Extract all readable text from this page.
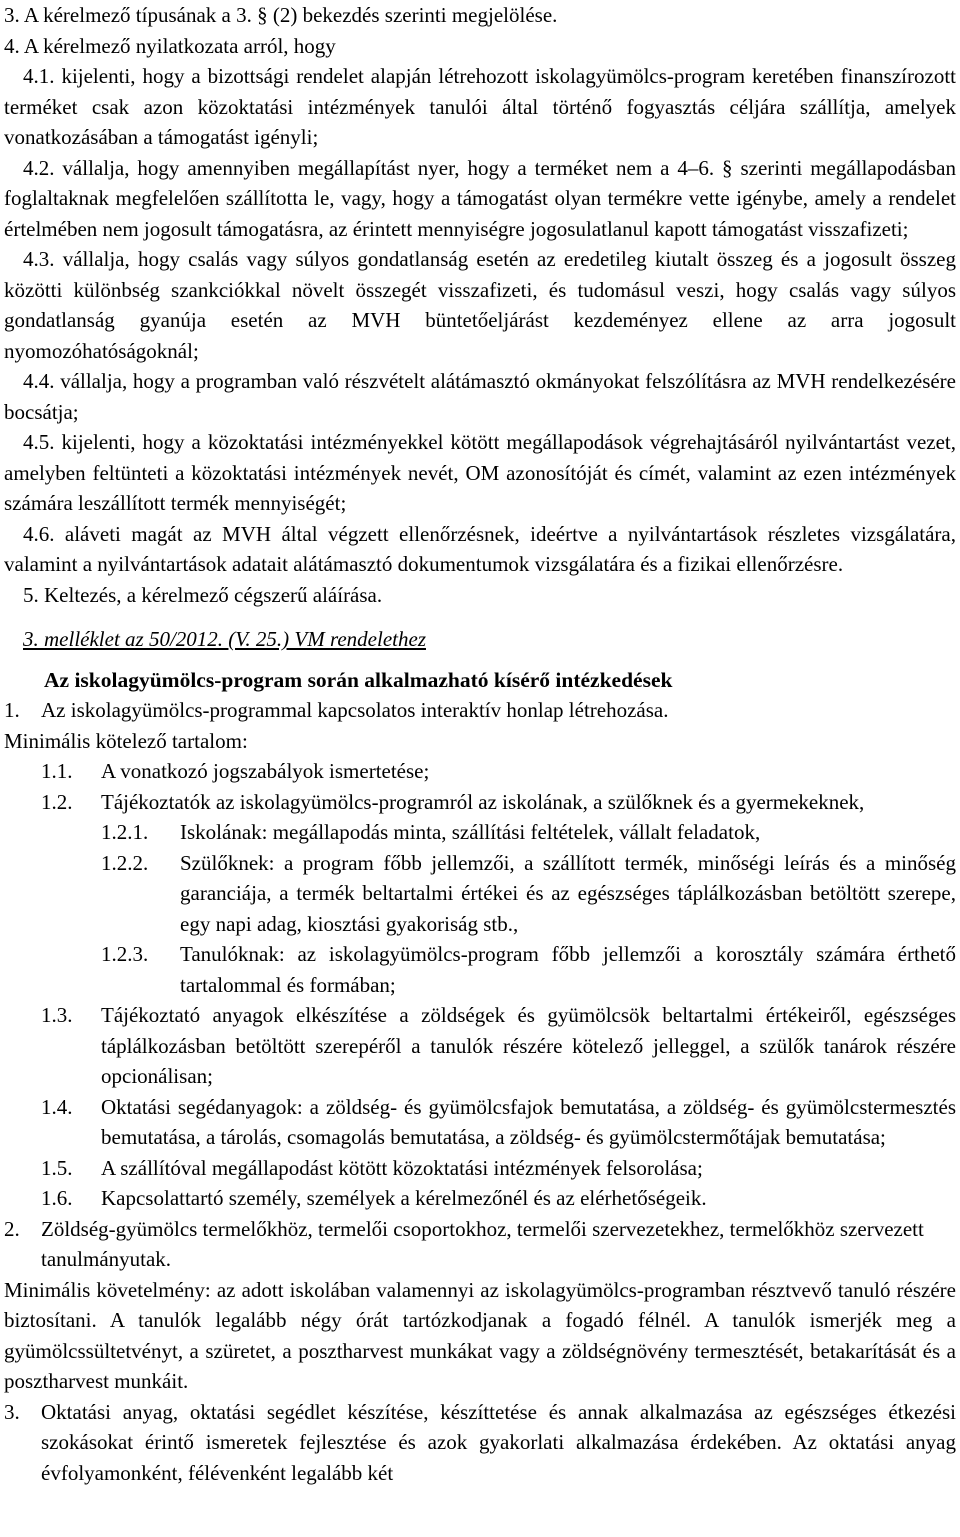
3. A kérelmező típusának a 3. § (2) bekezdés szerinti megjelölése.

4. A kérelmező nyilatkozata arról, hogy

4.1. kijelenti, hogy a bizottsági rendelet alapján létrehozott iskolagyümölcs-program keretében finanszírozott terméket csak azon közoktatási intézmények tanulói által történő fogyasztás céljára szállítja, amelyek vonatkozásában a támogatást igényli;

4.2. vállalja, hogy amennyiben megállapítást nyer, hogy a terméket nem a 4–6. § szerinti megállapodásban foglaltaknak megfelelően szállította le, vagy, hogy a támogatást olyan termékre vette igénybe, amely a rendelet értelmében nem jogosult támogatásra, az érintett mennyiségre jogosulatlanul kapott támogatást visszafizeti;

4.3. vállalja, hogy csalás vagy súlyos gondatlanság esetén az eredetileg kiutalt összeg és a jogosult összeg közötti különbség szankciókkal növelt összegét visszafizeti, és tudomásul veszi, hogy csalás vagy súlyos gondatlanság gyanúja esetén az MVH büntetőeljárást kezdeményez ellene az arra jogosult nyomozóhatóságoknál;

4.4. vállalja, hogy a programban való részvételt alátámasztó okmányokat felszólításra az MVH rendelkezésére bocsátja;

4.5. kijelenti, hogy a közoktatási intézményekkel kötött megállapodások végrehajtásáról nyilvántartást vezet, amelyben feltünteti a közoktatási intézmények nevét, OM azonosítóját és címét, valamint az ezen intézmények számára leszállított termék mennyiségét;

4.6. aláveti magát az MVH által végzett ellenőrzésnek, ideértve a nyilvántartások részletes vizsgálatára, valamint a nyilvántartások adatait alátámasztó dokumentumok vizsgálatára és a fizikai ellenőrzésre.

5. Keltezés, a kérelmező cégszerű aláírása.

3. melléklet az 50/2012. (V. 25.) VM rendelethez

Az iskolagyümölcs-program során alkalmazható kísérő intézkedések

1.	Az iskolagyümölcs-programmal kapcsolatos interaktív honlap létrehozása.

Minimális kötelező tartalom:

1.1.	A vonatkozó jogszabályok ismertetése;
1.2.	Tájékoztatók az iskolagyümölcs-programról az iskolának, a szülőknek és a gyermekeknek,
1.2.1.	Iskolának: megállapodás minta, szállítási feltételek, vállalt feladatok,
1.2.2.	Szülőknek: a program főbb jellemzői, a szállított termék, minőségi leírás és a minőség garanciája, a termék beltartalmi értékei és az egészséges táplálkozásban betöltött szerepe, egy napi adag, kiosztási gyakoriság stb.,
1.2.3.	Tanulóknak: az iskolagyümölcs-program főbb jellemzői a korosztály számára érthető tartalommal és formában;
1.3.	Tájékoztató anyagok elkészítése a zöldségek és gyümölcsök beltartalmi értékeiről, egészséges táplálkozásban betöltött szerepéről a tanulók részére kötelező jelleggel, a szülők tanárok részére opcionálisan;
1.4.	Oktatási segédanyagok: a zöldség- és gyümölcsfajok bemutatása, a zöldség- és gyümölcstermesztés bemutatása, a tárolás, csomagolás bemutatása, a zöldség- és gyümölcstermőtájak bemutatása;
1.5.	A szállítóval megállapodást kötött közoktatási intézmények felsorolása;
1.6.	Kapcsolattartó személy, személyek a kérelmezőnél és az elérhetőségeik.
2.	Zöldség-gyümölcs termelőkhöz, termelői csoportokhoz, termelői szervezetekhez, termelőkhöz szervezett tanulmányutak.

Minimális követelmény: az adott iskolában valamennyi az iskolagyümölcs-programban résztvevő tanuló részére biztosítani. A tanulók legalább négy órát tartózkodjanak a fogadó félnél. A tanulók ismerjék meg a gyümölcssültetvényt, a szüretet, a posztharvest munkákat vagy a zöldségnövény termesztését, betakarítását és a posztharvest munkáit.

3.	Oktatási anyag, oktatási segédlet készítése, készíttetése és annak alkalmazása az egészséges étkezési szokásokat érintő ismeretek fejlesztése és azok gyakorlati alkalmazása érdekében. Az oktatási anyag évfolyamonként, félévenként legalább két
